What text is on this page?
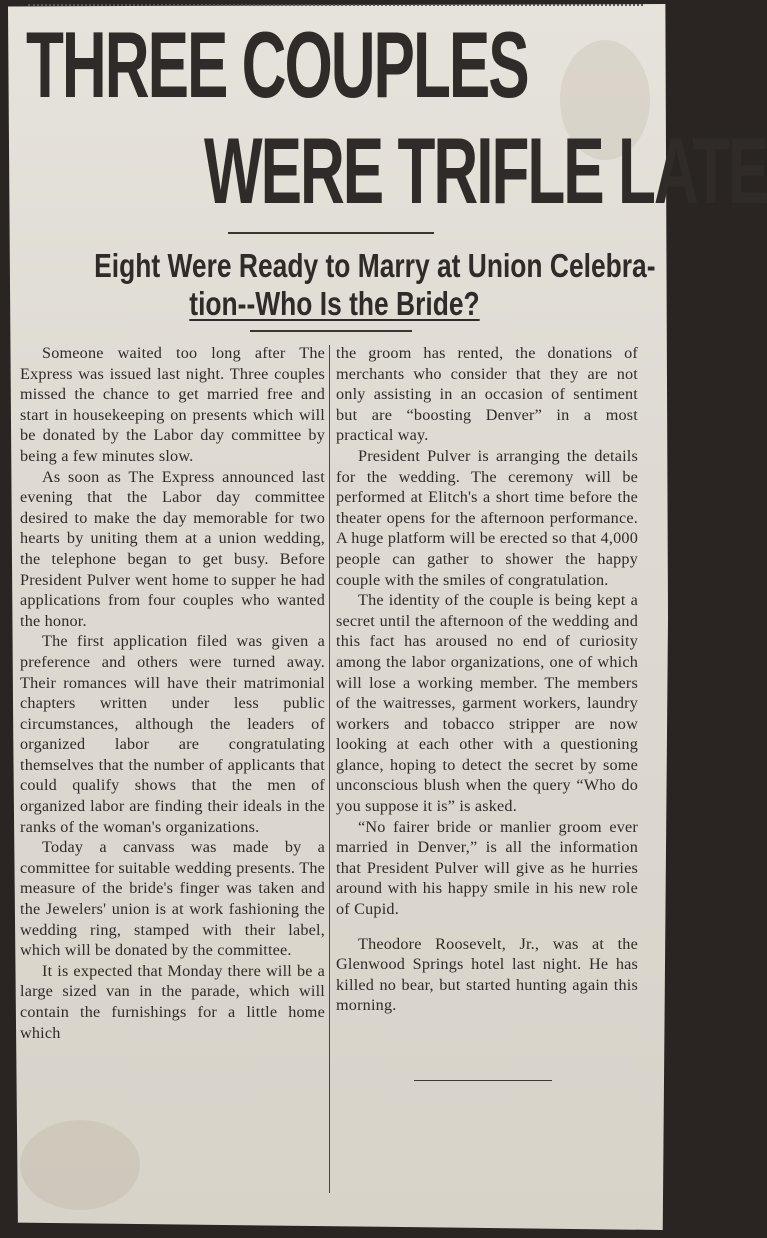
THREE COUPLES
WERE TRIFLE LATE
Eight Were Ready to Marry at Union Celebra-
tion--Who Is the Bride?

Someone waited too long after The Express was issued last night. Three couples missed the chance to get married free and start in housekeeping on presents which will be donated by the Labor day committee by being a few minutes slow.

As soon as The Express announced last evening that the Labor day committee desired to make the day memorable for two hearts by uniting them at a union wedding, the telephone began to get busy. Before President Pulver went home to supper he had applications from four couples who wanted the honor.

The first application filed was given a preference and others were turned away. Their romances will have their matrimonial chapters written under less public circumstances, although the leaders of organized labor are congratulating themselves that the number of applicants that could qualify shows that the men of organized labor are finding their ideals in the ranks of the woman's organizations.

Today a canvass was made by a committee for suitable wedding presents. The measure of the bride's finger was taken and the Jewelers' union is at work fashioning the wedding ring, stamped with their label, which will be donated by the committee.

It is expected that Monday there will be a large sized van in the parade, which will contain the furnishings for a little home which

the groom has rented, the donations of merchants who consider that they are not only assisting in an occasion of sentiment but are “boosting Denver” in a most practical way.

President Pulver is arranging the details for the wedding. The ceremony will be performed at Elitch's a short time before the theater opens for the afternoon performance. A huge platform will be erected so that 4,000 people can gather to shower the happy couple with the smiles of congratulation.

The identity of the couple is being kept a secret until the afternoon of the wedding and this fact has aroused no end of curiosity among the labor organizations, one of which will lose a working member. The members of the waitresses, garment workers, laundry workers and tobacco stripper are now looking at each other with a questioning glance, hoping to detect the secret by some unconscious blush when the query “Who do you suppose it is” is asked.

“No fairer bride or manlier groom ever married in Denver,” is all the information that President Pulver will give as he hurries around with his happy smile in his new role of Cupid.

Theodore Roosevelt, Jr., was at the Glenwood Springs hotel last night. He has killed no bear, but started hunting again this morning.
